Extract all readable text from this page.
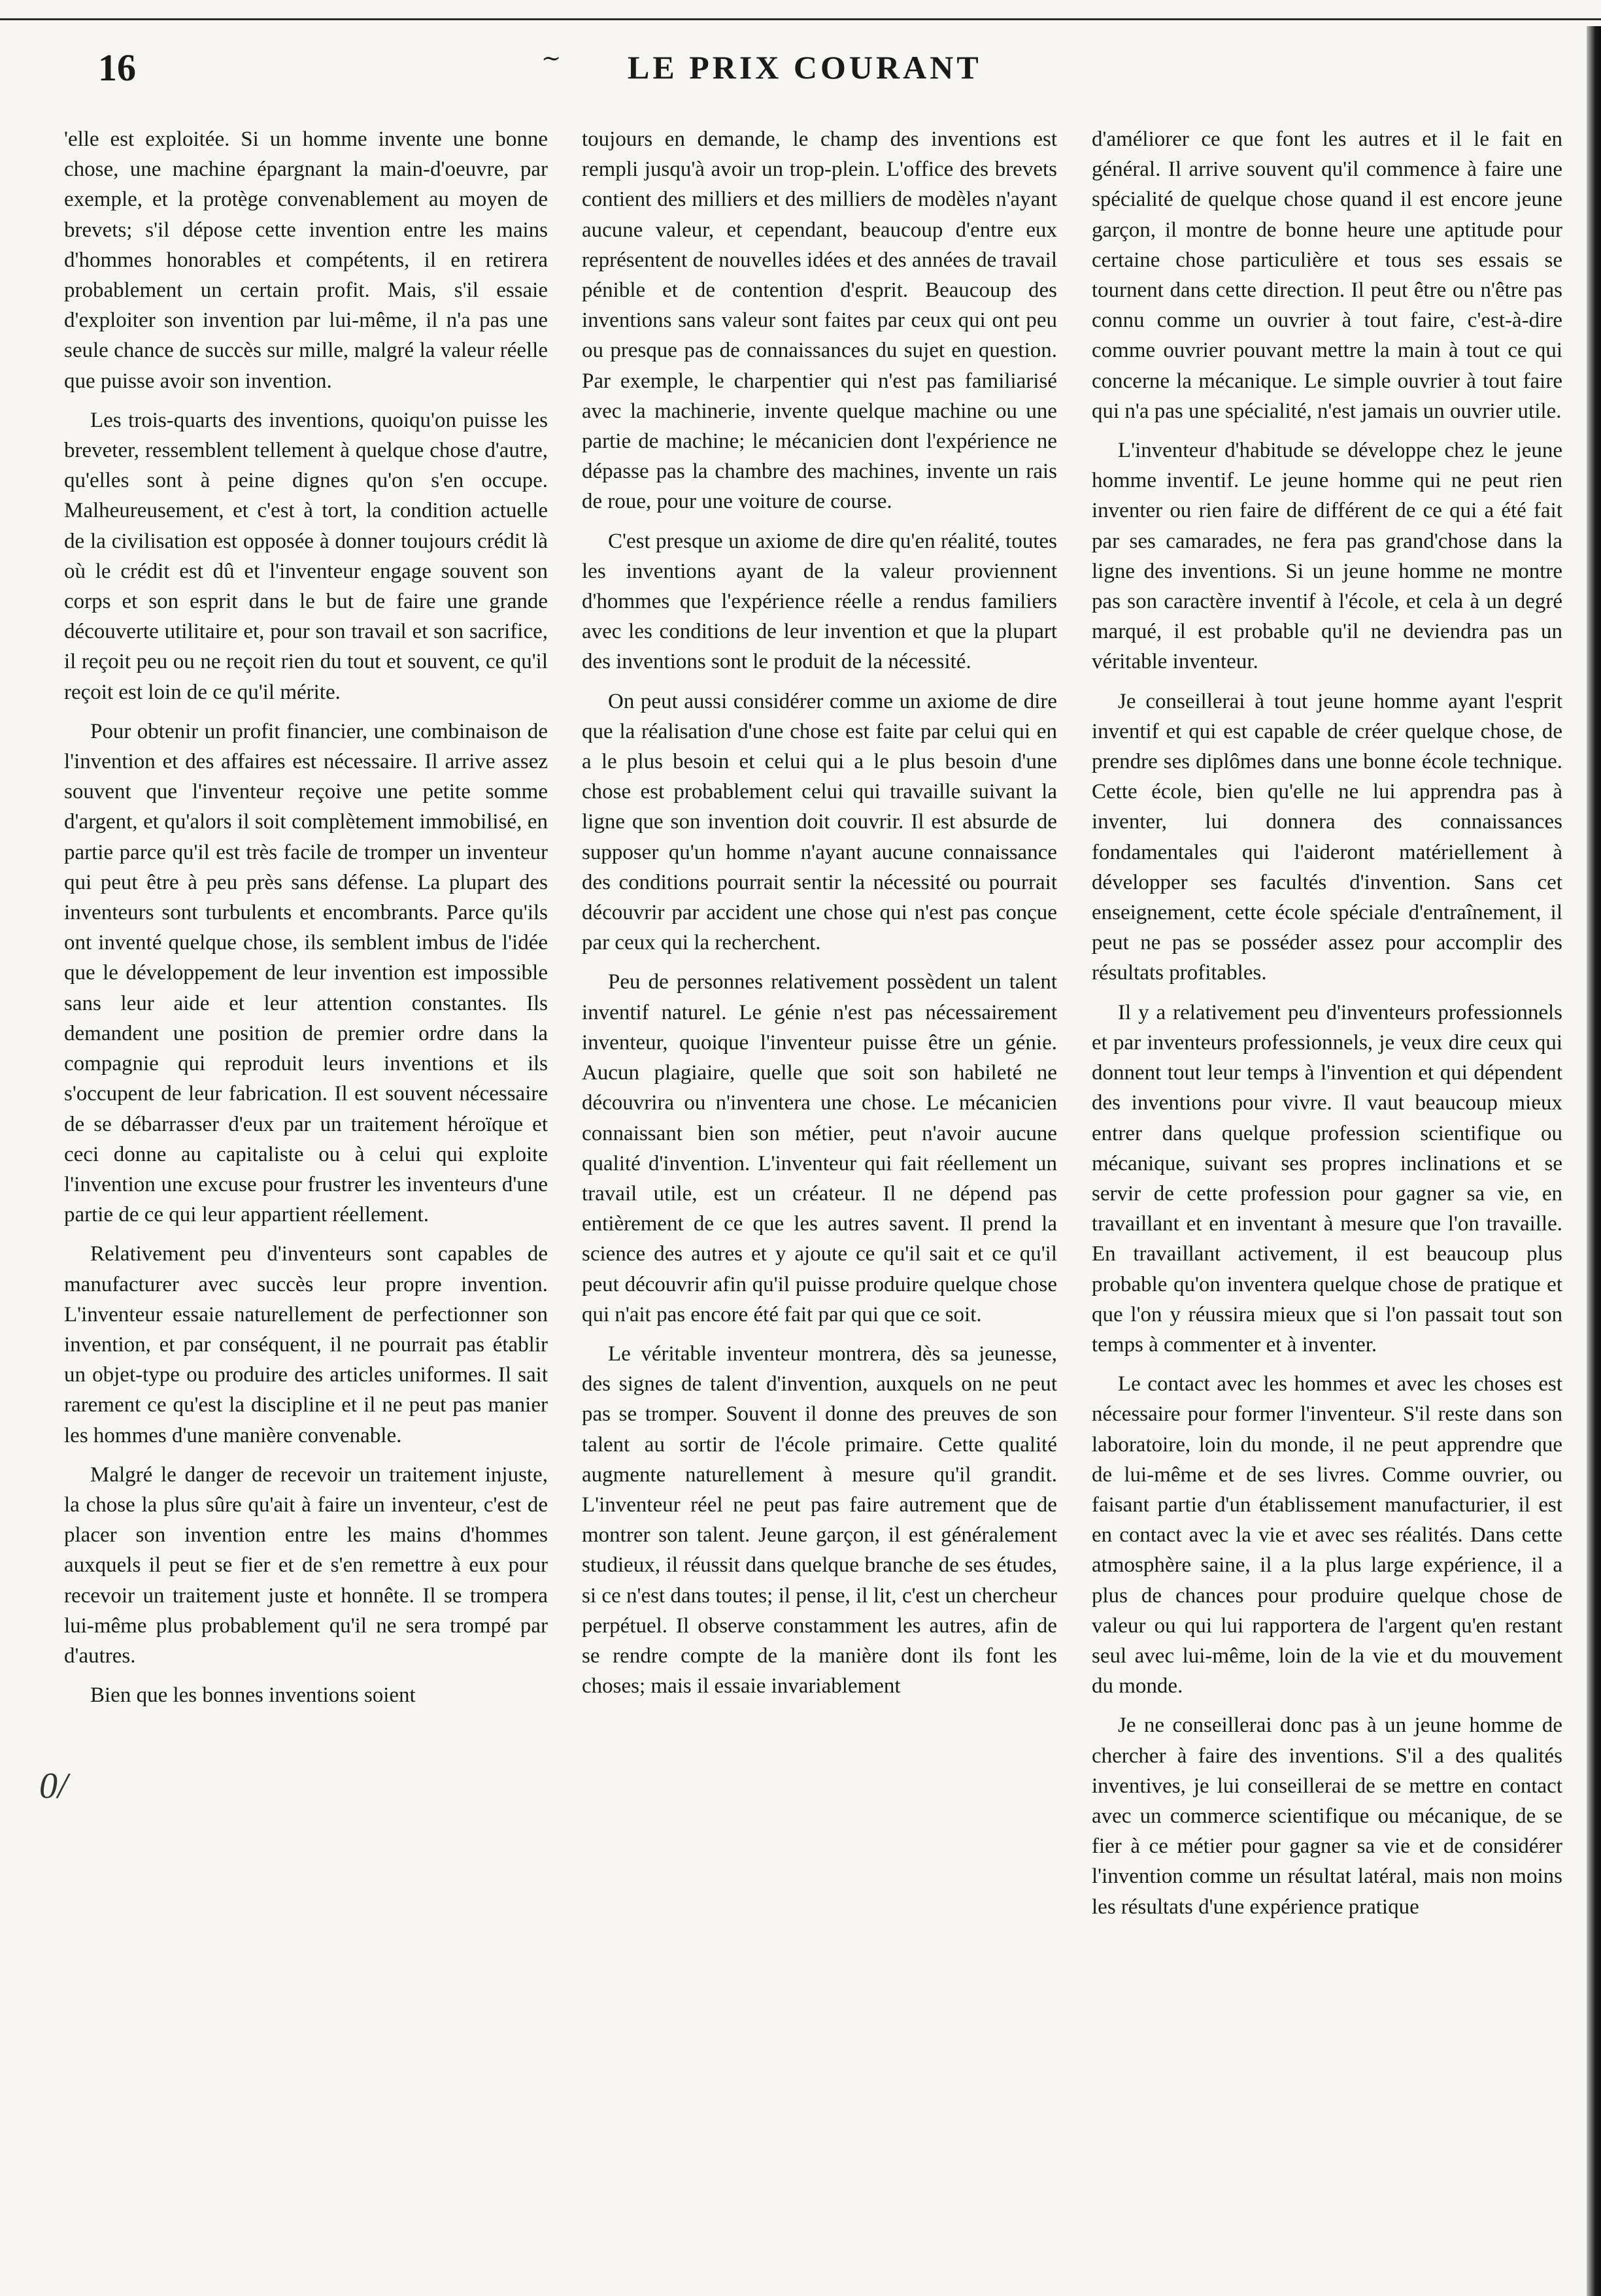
16	∼ LE PRIX COURANT
0/

'elle est exploitée. Si un homme invente une bonne chose, une machine épargnant la main-d'oeuvre, par exemple, et la protège convenablement au moyen de brevets; s'il dépose cette invention entre les mains d'hommes honorables et compétents, il en retirera probablement un certain profit. Mais, s'il essaie d'exploiter son invention par lui-même, il n'a pas une seule chance de succès sur mille, malgré la valeur réelle que puisse avoir son invention.

Les trois-quarts des inventions, quoiqu'on puisse les breveter, ressemblent tellement à quelque chose d'autre, qu'elles sont à peine dignes qu'on s'en occupe. Malheureusement, et c'est à tort, la condition actuelle de la civilisation est opposée à donner toujours crédit là où le crédit est dû et l'inventeur engage souvent son corps et son esprit dans le but de faire une grande découverte utilitaire et, pour son travail et son sacrifice, il reçoit peu ou ne reçoit rien du tout et souvent, ce qu'il reçoit est loin de ce qu'il mérite.

Pour obtenir un profit financier, une combinaison de l'invention et des affaires est nécessaire. Il arrive assez souvent que l'inventeur reçoive une petite somme d'argent, et qu'alors il soit complètement immobilisé, en partie parce qu'il est très facile de tromper un inventeur qui peut être à peu près sans défense. La plupart des inventeurs sont turbulents et encombrants. Parce qu'ils ont inventé quelque chose, ils semblent imbus de l'idée que le développement de leur invention est impossible sans leur aide et leur attention constantes. Ils demandent une position de premier ordre dans la compagnie qui reproduit leurs inventions et ils s'occupent de leur fabrication. Il est souvent nécessaire de se débarrasser d'eux par un traitement héroïque et ceci donne au capitaliste ou à celui qui exploite l'invention une excuse pour frustrer les inventeurs d'une partie de ce qui leur appartient réellement.

Relativement peu d'inventeurs sont capables de manufacturer avec succès leur propre invention. L'inventeur essaie naturellement de perfectionner son invention, et par conséquent, il ne pourrait pas établir un objet-type ou produire des articles uniformes. Il sait rarement ce qu'est la discipline et il ne peut pas manier les hommes d'une manière convenable.

Malgré le danger de recevoir un traitement injuste, la chose la plus sûre qu'ait à faire un inventeur, c'est de placer son invention entre les mains d'hommes auxquels il peut se fier et de s'en remettre à eux pour recevoir un traitement juste et honnête. Il se trompera lui-même plus probablement qu'il ne sera trompé par d'autres.

Bien que les bonnes inventions soient

toujours en demande, le champ des inventions est rempli jusqu'à avoir un trop-plein. L'office des brevets contient des milliers et des milliers de modèles n'ayant aucune valeur, et cependant, beaucoup d'entre eux représentent de nouvelles idées et des années de travail pénible et de contention d'esprit. Beaucoup des inventions sans valeur sont faites par ceux qui ont peu ou presque pas de connaissances du sujet en question. Par exemple, le charpentier qui n'est pas familiarisé avec la machinerie, invente quelque machine ou une partie de machine; le mécanicien dont l'expérience ne dépasse pas la chambre des machines, invente un rais de roue, pour une voiture de course.

C'est presque un axiome de dire qu'en réalité, toutes les inventions ayant de la valeur proviennent d'hommes que l'expérience réelle a rendus familiers avec les conditions de leur invention et que la plupart des inventions sont le produit de la nécessité.

On peut aussi considérer comme un axiome de dire que la réalisation d'une chose est faite par celui qui en a le plus besoin et celui qui a le plus besoin d'une chose est probablement celui qui travaille suivant la ligne que son invention doit couvrir. Il est absurde de supposer qu'un homme n'ayant aucune connaissance des conditions pourrait sentir la nécessité ou pourrait découvrir par accident une chose qui n'est pas conçue par ceux qui la recherchent.

Peu de personnes relativement possèdent un talent inventif naturel. Le génie n'est pas nécessairement inventeur, quoique l'inventeur puisse être un génie. Aucun plagiaire, quelle que soit son habileté ne découvrira ou n'inventera une chose. Le mécanicien connaissant bien son métier, peut n'avoir aucune qualité d'invention. L'inventeur qui fait réellement un travail utile, est un créateur. Il ne dépend pas entièrement de ce que les autres savent. Il prend la science des autres et y ajoute ce qu'il sait et ce qu'il peut découvrir afin qu'il puisse produire quelque chose qui n'ait pas encore été fait par qui que ce soit.

Le véritable inventeur montrera, dès sa jeunesse, des signes de talent d'invention, auxquels on ne peut pas se tromper. Souvent il donne des preuves de son talent au sortir de l'école primaire. Cette qualité augmente naturellement à mesure qu'il grandit. L'inventeur réel ne peut pas faire autrement que de montrer son talent. Jeune garçon, il est généralement studieux, il réussit dans quelque branche de ses études, si ce n'est dans toutes; il pense, il lit, c'est un chercheur perpétuel. Il observe constamment les autres, afin de se rendre compte de la manière dont ils font les choses; mais il essaie invariablement

d'améliorer ce que font les autres et il le fait en général. Il arrive souvent qu'il commence à faire une spécialité de quelque chose quand il est encore jeune garçon, il montre de bonne heure une aptitude pour certaine chose particulière et tous ses essais se tournent dans cette direction. Il peut être ou n'être pas connu comme un ouvrier à tout faire, c'est-à-dire comme ouvrier pouvant mettre la main à tout ce qui concerne la mécanique. Le simple ouvrier à tout faire qui n'a pas une spécialité, n'est jamais un ouvrier utile.

L'inventeur d'habitude se développe chez le jeune homme inventif. Le jeune homme qui ne peut rien inventer ou rien faire de différent de ce qui a été fait par ses camarades, ne fera pas grand'chose dans la ligne des inventions. Si un jeune homme ne montre pas son caractère inventif à l'école, et cela à un degré marqué, il est probable qu'il ne deviendra pas un véritable inventeur.

Je conseillerai à tout jeune homme ayant l'esprit inventif et qui est capable de créer quelque chose, de prendre ses diplômes dans une bonne école technique. Cette école, bien qu'elle ne lui apprendra pas à inventer, lui donnera des connaissances fondamentales qui l'aideront matériellement à développer ses facultés d'invention. Sans cet enseignement, cette école spéciale d'entraînement, il peut ne pas se posséder assez pour accomplir des résultats profitables.

Il y a relativement peu d'inventeurs professionnels et par inventeurs professionnels, je veux dire ceux qui donnent tout leur temps à l'invention et qui dépendent des inventions pour vivre. Il vaut beaucoup mieux entrer dans quelque profession scientifique ou mécanique, suivant ses propres inclinations et se servir de cette profession pour gagner sa vie, en travaillant et en inventant à mesure que l'on travaille. En travaillant activement, il est beaucoup plus probable qu'on inventera quelque chose de pratique et que l'on y réussira mieux que si l'on passait tout son temps à commenter et à inventer.

Le contact avec les hommes et avec les choses est nécessaire pour former l'inventeur. S'il reste dans son laboratoire, loin du monde, il ne peut apprendre que de lui-même et de ses livres. Comme ouvrier, ou faisant partie d'un établissement manufacturier, il est en contact avec la vie et avec ses réalités. Dans cette atmosphère saine, il a la plus large expérience, il a plus de chances pour produire quelque chose de valeur ou qui lui rapportera de l'argent qu'en restant seul avec lui-même, loin de la vie et du mouvement du monde.

Je ne conseillerai donc pas à un jeune homme de chercher à faire des inventions. S'il a des qualités inventives, je lui conseillerai de se mettre en contact avec un commerce scientifique ou mécanique, de se fier à ce métier pour gagner sa vie et de considérer l'invention comme un résultat latéral, mais non moins les résultats d'une expérience pratique
